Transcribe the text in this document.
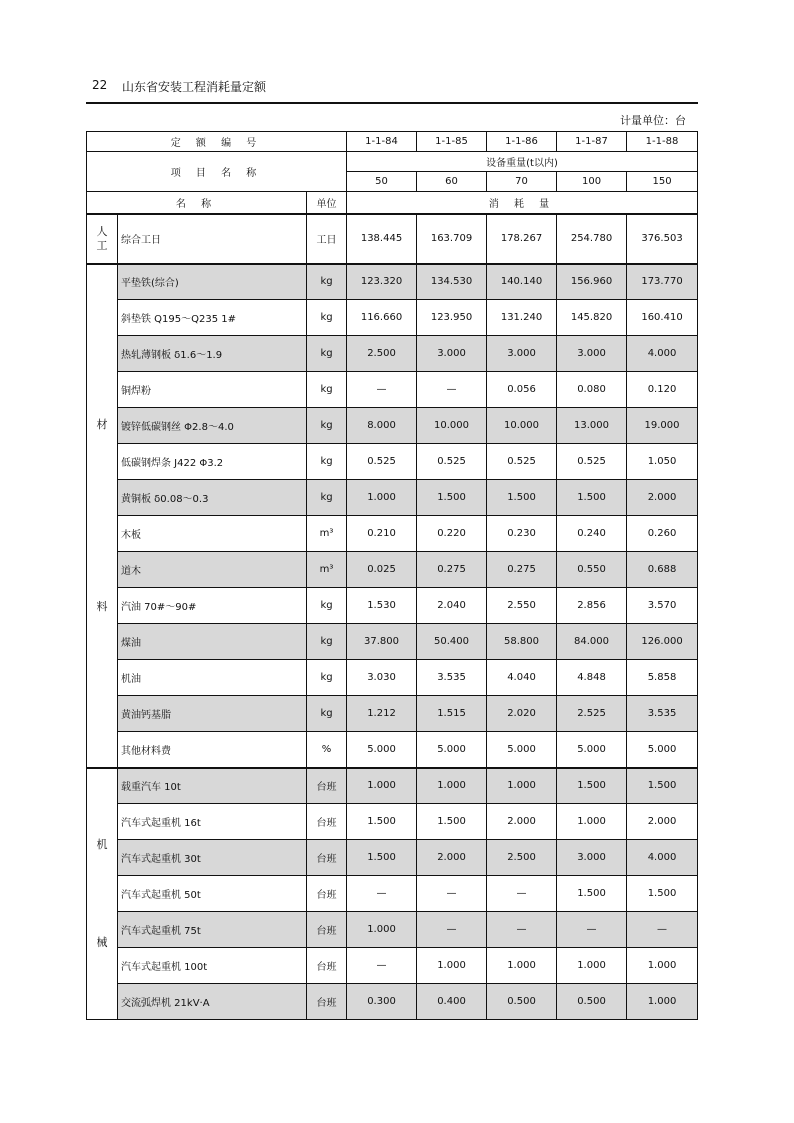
22 山东省安装工程消耗量定额
计量单位：台
定 额 编 号			1-1-84	1-1-85	1-1-86	1-1-87	1-1-88
项 目 名 称			设备重量(t以内)				
			50	60	70	100	150
名 称		单位	消 耗 量				

人
工	综合工日	工日	138.445	163.709	178.267	254.780	376.503

材
料	平垫铁(综合)	kg	123.320	134.530	140.140	156.960	173.770
	斜垫铁 Q195～Q235 1#	kg	116.660	123.950	131.240	145.820	160.410
	热轧薄钢板 δ1.6～1.9	kg	2.500	3.000	3.000	3.000	4.000
	铜焊粉	kg	—	—	0.056	0.080	0.120
	镀锌低碳钢丝 Φ2.8～4.0	kg	8.000	10.000	10.000	13.000	19.000
	低碳钢焊条 J422 Φ3.2	kg	0.525	0.525	0.525	0.525	1.050
	黄铜板 δ0.08～0.3	kg	1.000	1.500	1.500	1.500	2.000
	木板	m³	0.210	0.220	0.230	0.240	0.260
	道木	m³	0.025	0.275	0.275	0.550	0.688
	汽油 70#～90#	kg	1.530	2.040	2.550	2.856	3.570
	煤油	kg	37.800	50.400	58.800	84.000	126.000
	机油	kg	3.030	3.535	4.040	4.848	5.858
	黄油钙基脂	kg	1.212	1.515	2.020	2.525	3.535
	其他材料费	%	5.000	5.000	5.000	5.000	5.000

机
械	载重汽车 10t	台班	1.000	1.000	1.000	1.500	1.500
	汽车式起重机 16t	台班	1.500	1.500	2.000	1.000	2.000
	汽车式起重机 30t	台班	1.500	2.000	2.500	3.000	4.000
	汽车式起重机 50t	台班	—	—	—	1.500	1.500
	汽车式起重机 75t	台班	1.000	—	—	—	—
	汽车式起重机 100t	台班	—	1.000	1.000	1.000	1.000
	交流弧焊机 21kV·A	台班	0.300	0.400	0.500	0.500	1.000
